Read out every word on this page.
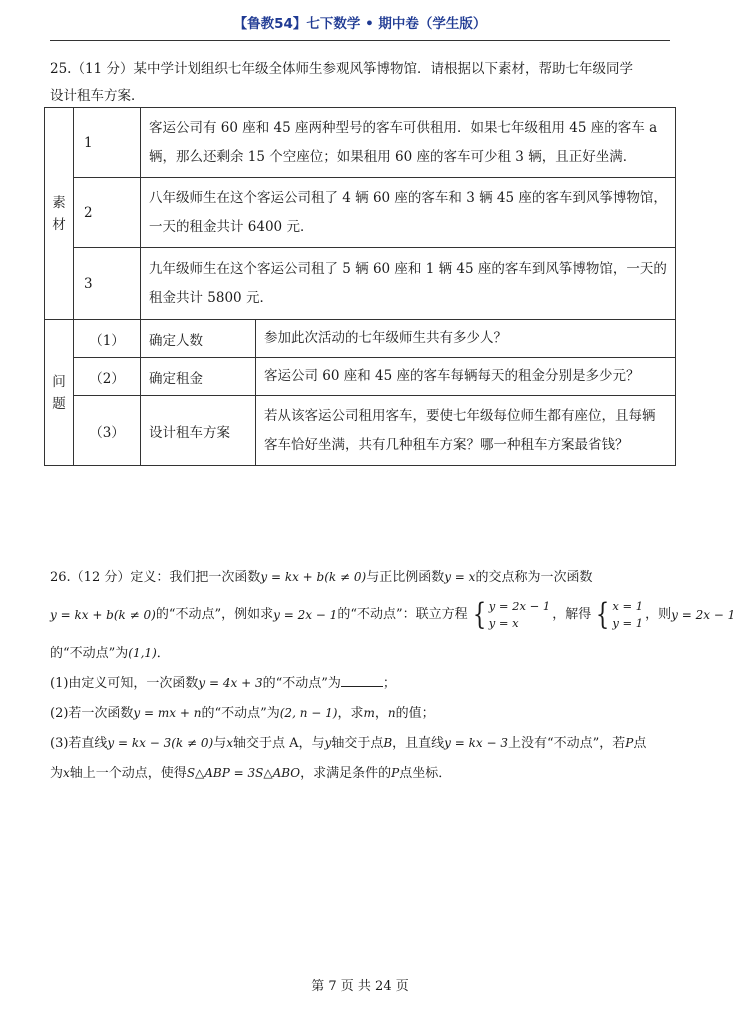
【鲁教54】七下数学 • 期中卷（学生版）
25.（11 分）某中学计划组织七年级全体师生参观风筝博物馆．请根据以下素材，帮助七年级同学
设计租车方案．
素材	1	客运公司有 60 座和 45 座两种型号的客车可供租用．如果七年级租用 45 座的客车 a 辆，那么还剩余 15 个空座位；如果租用 60 座的客车可少租 3 辆，且正好坐满．	
	2	八年级师生在这个客运公司租了 4 辆 60 座的客车和 3 辆 45 座的客车到风筝博物馆，一天的租金共计 6400 元．	
	3	九年级师生在这个客运公司租了 5 辆 60 座和 1 辆 45 座的客车到风筝博物馆，一天的租金共计 5800 元．	
问题	（1）	确定人数	参加此次活动的七年级师生共有多少人？
	（2）	确定租金	客运公司 60 座和 45 座的客车每辆每天的租金分别是多少元？
	（3）	设计租车方案	若从该客运公司租用客车，要使七年级每位师生都有座位，且每辆客车恰好坐满，共有几种租车方案？哪一种租车方案最省钱？
26.（12 分）定义：我们把一次函数y = kx + b(k ≠ 0)与正比例函数y = x的交点称为一次函数
y = kx + b(k ≠ 0) 的“不动点”，例如求 y = 2x − 1 的“不动点”：联立方程 { y = 2x − 1
y = x
，解得 { x = 1
y = 1
，则 y = 2x − 1
的“不动点”为(1,1)．
(1)由定义可知，一次函数y = 4x + 3的“不动点”为	；
(2)若一次函数y = mx + n的“不动点”为(2, n − 1)，求m，n的值；
(3)若直线y = kx − 3(k ≠ 0)与x轴交于点 A，与y轴交于点B，且直线y = kx − 3上没有“不动点”，若P点
为x轴上一个动点，使得S△ABP = 3S△ABO，求满足条件的P点坐标．
第 7 页 共 24 页
